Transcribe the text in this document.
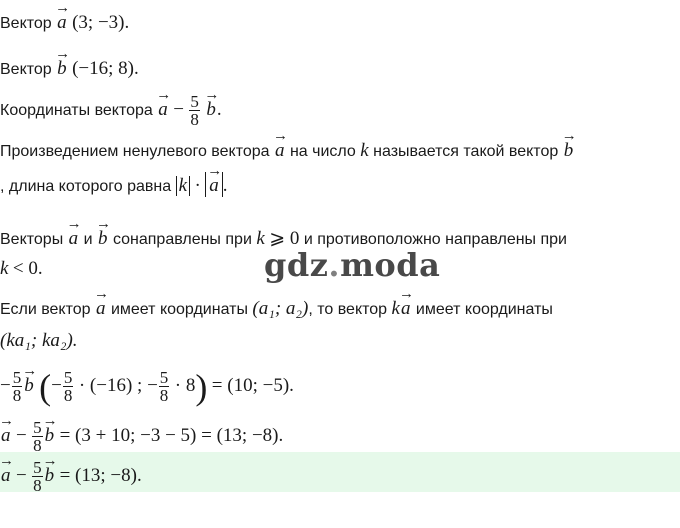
Вектор → a (3; −3).
Вектор → b (−16; 8).
Координаты вектора → $a - \frac{5}{8}$
→ b.
Произведением ненулевого вектора → a на число k называется такой вектор → b
, длина которого равна k · → a .
Векторы → a и → b сонаправлены при k ⩾ 0 и противоположно направлены при
k < 0.	gdz.moda
Если вектор → a имеет координаты (a₁; a₂), то вектор k→ a имеет координаты
(ka₁; ka₂).
− $\frac{5}{8}$
→ b (− $\frac{5}{8} \cdot (-16)$ ; − $\frac{5}{8} \cdot 8) = (10$; −5).
→ $a - \frac{5}{8}$
→ b = (3 + 10; −3 − 5) = (13; −8).
→ $a - \frac{5}{8}$
→ b = (13; −8).
